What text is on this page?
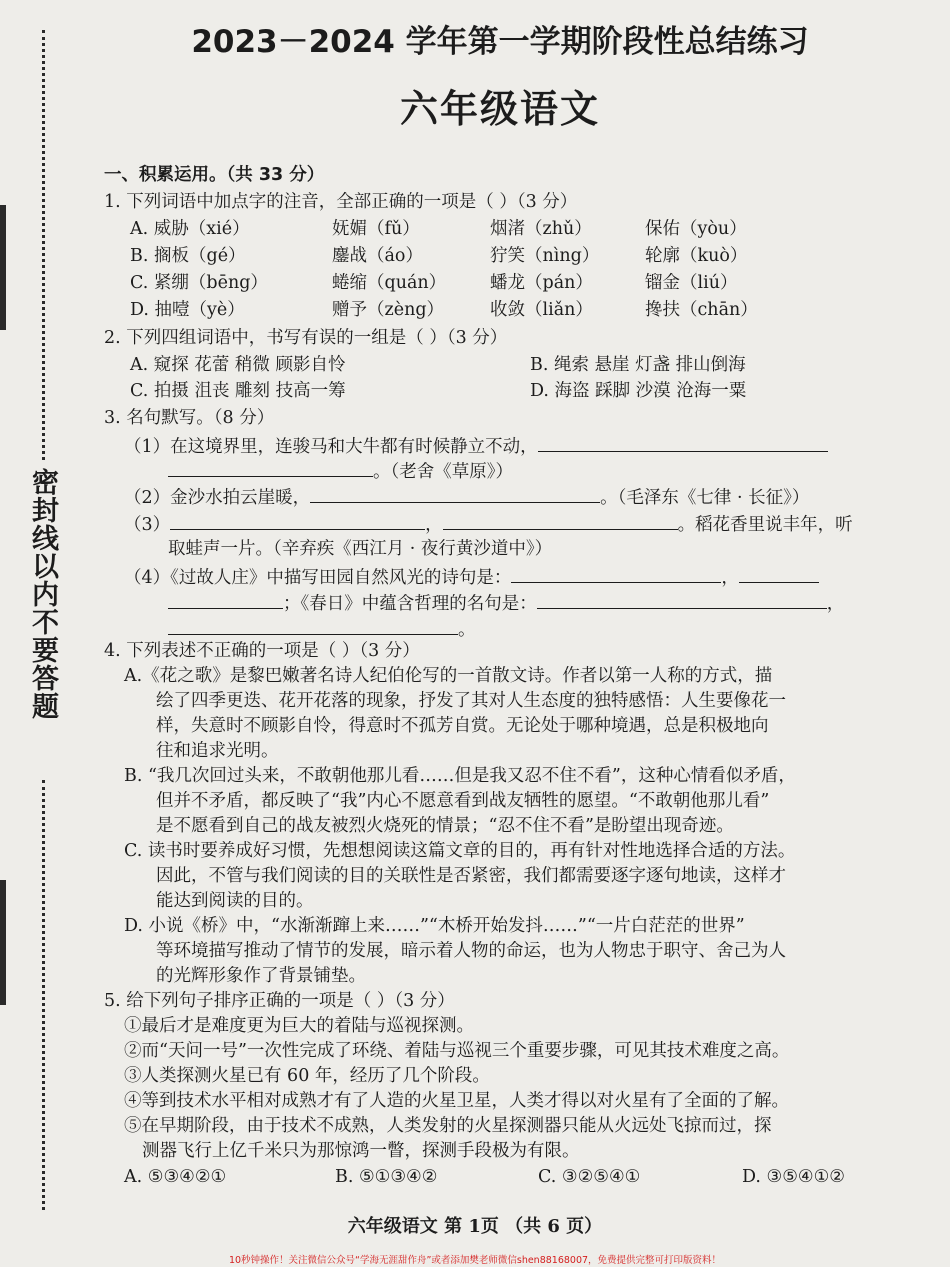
密封线以内不要答题
2023－2024 学年第一学期阶段性总结练习
六年级语文
一、积累运用。（共 33 分）
1. 下列词语中加点字的注音，全部正确的一项是（ ）（3 分）
A. 威胁（xié）	妩媚（fǔ）	烟渚（zhǔ）	保佑（yòu）
B. 搁板（gé）	鏖战（áo）	狞笑（nìng）	轮廓（kuò）
C. 紧绷（bēng）	蜷缩（quán）	蟠龙（pán）	镏金（liú）
D. 抽噎（yè）	赠予（zèng）	收敛（liǎn）	搀扶（chān）
2. 下列四组词语中，书写有误的一组是（ ）（3 分）
A. 窥探 花蕾 稍微 顾影自怜	B. 绳索 悬崖 灯盏 排山倒海
C. 拍摄 沮丧 雕刻 技高一筹	D. 海盗 踩脚 沙漠 沧海一粟
3. 名句默写。（8 分）
（1）在这境界里，连骏马和大牛都有时候静立不动，
。（老舍《草原》）
（2）金沙水拍云崖暖，	。（毛泽东《七律 · 长征》）
（3）	，	。稻花香里说丰年，听
取蛙声一片。（辛弃疾《西江月 · 夜行黄沙道中》）
（4）《过故人庄》中描写田园自然风光的诗句是：	，
；《春日》中蕴含哲理的名句是：	，
。
4. 下列表述不正确的一项是（ ）（3 分）
A.《花之歌》是黎巴嫩著名诗人纪伯伦写的一首散文诗。作者以第一人称的方式，描
绘了四季更迭、花开花落的现象，抒发了其对人生态度的独特感悟：人生要像花一
样，失意时不顾影自怜，得意时不孤芳自赏。无论处于哪种境遇，总是积极地向
往和追求光明。
B. “我几次回过头来，不敢朝他那儿看……但是我又忍不住不看”，这种心情看似矛盾，
但并不矛盾，都反映了“我”内心不愿意看到战友牺牲的愿望。“不敢朝他那儿看”
是不愿看到自己的战友被烈火烧死的情景；“忍不住不看”是盼望出现奇迹。
C. 读书时要养成好习惯，先想想阅读这篇文章的目的，再有针对性地选择合适的方法。
因此，不管与我们阅读的目的关联性是否紧密，我们都需要逐字逐句地读，这样才
能达到阅读的目的。
D. 小说《桥》中，“水渐渐蹿上来……”“木桥开始发抖……”“一片白茫茫的世界”
等环境描写推动了情节的发展，暗示着人物的命运，也为人物忠于职守、舍己为人
的光辉形象作了背景铺垫。
5. 给下列句子排序正确的一项是（ ）（3 分）
①最后才是难度更为巨大的着陆与巡视探测。
②而“天问一号”一次性完成了环绕、着陆与巡视三个重要步骤，可见其技术难度之高。
③人类探测火星已有 60 年，经历了几个阶段。
④等到技术水平相对成熟才有了人造的火星卫星，人类才得以对火星有了全面的了解。
⑤在早期阶段，由于技术不成熟，人类发射的火星探测器只能从火远处飞掠而过，探
测器飞行上亿千米只为那惊鸿一瞥，探测手段极为有限。
A. ⑤③④②①	B. ⑤①③④②	C. ③②⑤④①	D. ③⑤④①②
六年级语文 第 1页 （共 6 页）
10秒钟操作！关注微信公众号“学海无涯甜作舟”或者添加樊老师微信shen88168007，免费提供完整可打印版资料！
